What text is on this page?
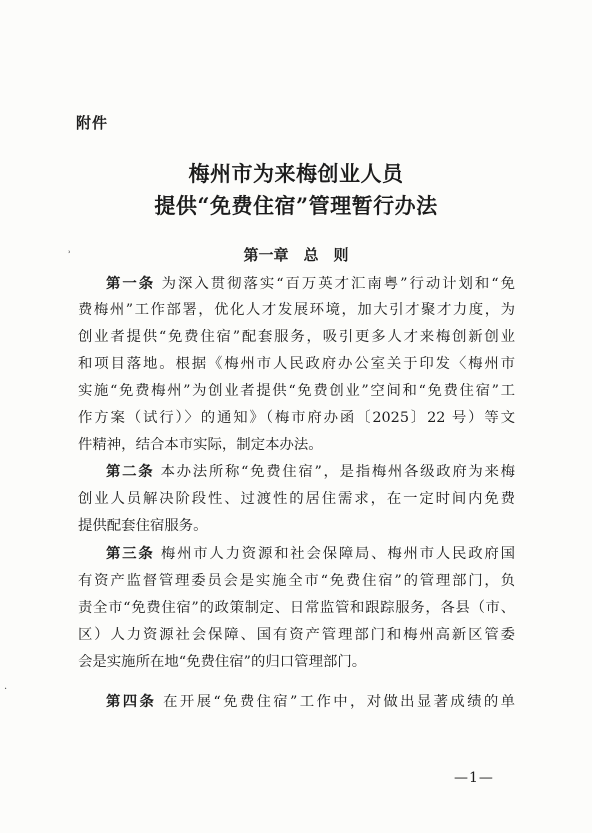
附件
梅州市为来梅创业人员
提供“免费住宿”管理暂行办法
ʾ	第一章　总　则
第一条 为深入贯彻落实“百万英才汇南粤”行动计划和“免
费梅州”工作部署，优化人才发展环境，加大引才聚才力度，为
创业者提供“免费住宿”配套服务，吸引更多人才来梅创新创业
和项目落地。根据《梅州市人民政府办公室关于印发〈梅州市
实施“免费梅州”为创业者提供“免费创业”空间和“免费住宿”工
作方案（试行）〉的通知》（梅市府办函〔2025〕22 号）等文
件精神，结合本市实际，制定本办法。
第二条 本办法所称“免费住宿”，是指梅州各级政府为来梅
创业人员解决阶段性、过渡性的居住需求，在一定时间内免费
提供配套住宿服务。
第三条 梅州市人力资源和社会保障局、梅州市人民政府国
有资产监督管理委员会是实施全市“免费住宿”的管理部门，负
责全市“免费住宿”的政策制定、日常监管和跟踪服务，各县（市、
区）人力资源社会保障、国有资产管理部门和梅州高新区管委
会是实施所在地“免费住宿”的归口管理部门。
·
第四条 在开展“免费住宿”工作中，对做出显著成绩的单
—1—
